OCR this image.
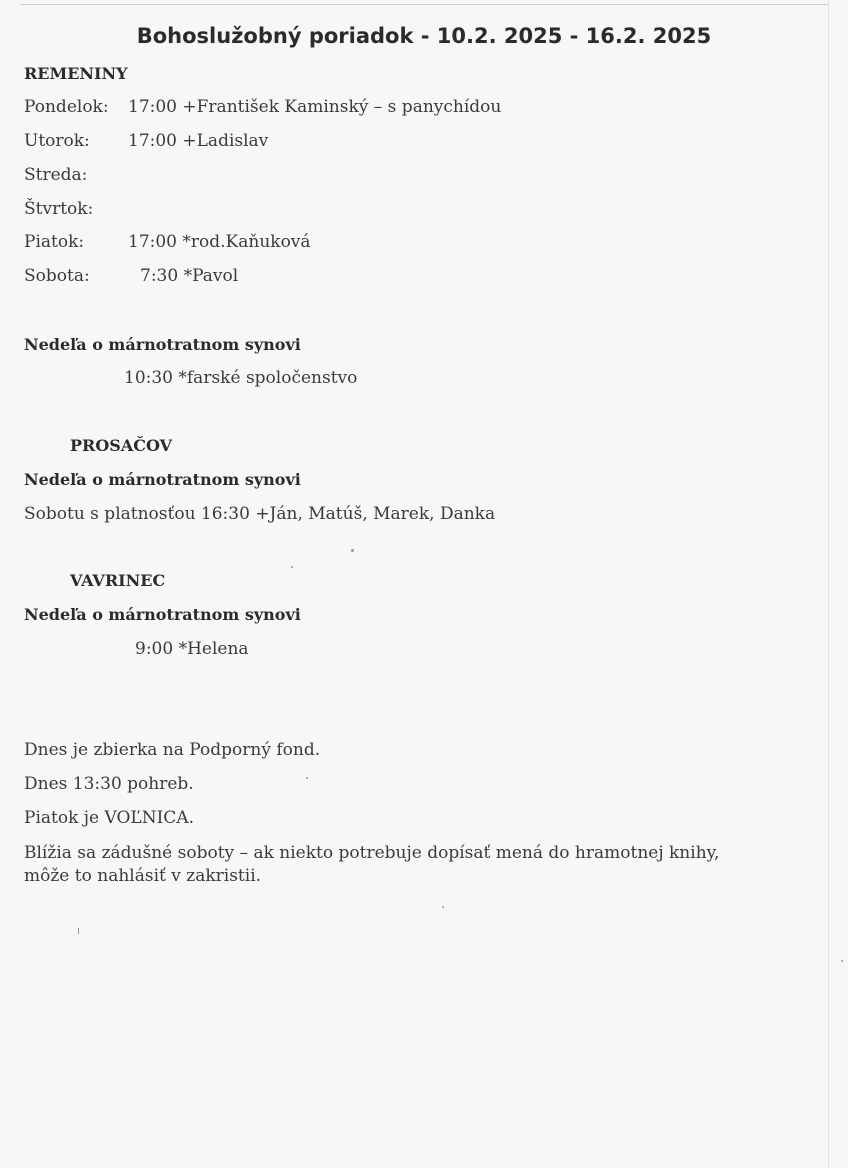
Bohoslužobný poriadok - 10.2. 2025 - 16.2. 2025
REMENINY
Pondelok: 17:00 +František Kaminský – s panychídou
Utorok: 17:00 +Ladislav
Streda:
Štvrtok:
Piatok:	17:00 *rod.Kaňuková
Sobota:	7:30 *Pavol
Nedeľa o márnotratnom synovi
10:30 *farské spoločenstvo
PROSAČOV
Nedeľa o márnotratnom synovi
Sobotu s platnosťou 16:30 +Ján, Matúš, Marek, Danka
VAVRINEC
Nedeľa o márnotratnom synovi
9:00 *Helena
Dnes je zbierka na Podporný fond.
Dnes 13:30 pohreb.
Piatok je VOĽNICA.
Blížia sa zádušné soboty – ak niekto potrebuje dopísať mená do hramotnej knihy,
môže to nahlásiť v zakristii.
